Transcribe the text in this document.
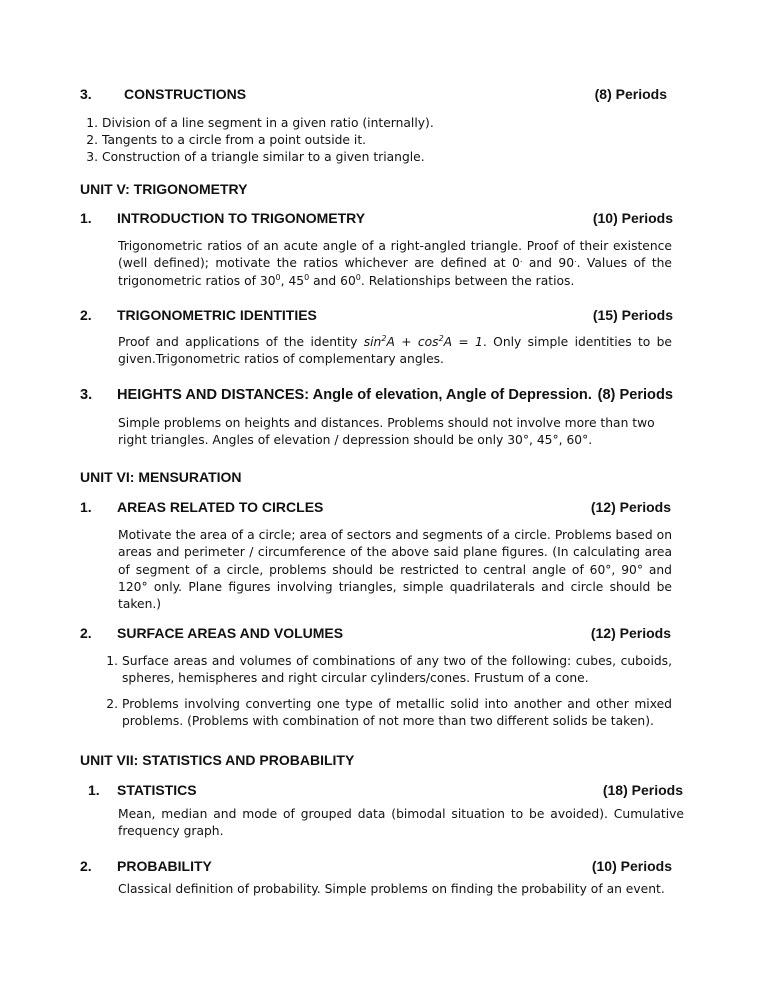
3.	CONSTRUCTIONS	(8) Periods
1. Division of a line segment in a given ratio (internally).
2. Tangents to a circle from a point outside it.
3. Construction of a triangle similar to a given triangle.
UNIT V: TRIGONOMETRY
1.	INTRODUCTION TO TRIGONOMETRY	(10) Periods
Trigonometric ratios of an acute angle of a right-angled triangle. Proof of their existence (well defined); motivate the ratios whichever are defined at 0. and 90.. Values of the trigonometric ratios of $30^0$, $45^0$ and $60^0$. Relationships between the ratios.
2.	TRIGONOMETRIC IDENTITIES	(15) Periods
Proof and applications of the identity $\sin^2A + \cos^2A = 1$. Only simple identities to be given.Trigonometric ratios of complementary angles.
3.	HEIGHTS AND DISTANCES: Angle of elevation, Angle of Depression. (8) Periods
Simple problems on heights and distances. Problems should not involve more than two right triangles. Angles of elevation / depression should be only 30°, 45°, 60°.
UNIT VI: MENSURATION
1.	AREAS RELATED TO CIRCLES	(12) Periods
Motivate the area of a circle; area of sectors and segments of a circle. Problems based on areas and perimeter / circumference of the above said plane figures. (In calculating area of segment of a circle, problems should be restricted to central angle of 60°, 90° and 120° only. Plane figures involving triangles, simple quadrilaterals and circle should be taken.)
2.	SURFACE AREAS AND VOLUMES	(12) Periods
1. Surface areas and volumes of combinations of any two of the following: cubes, cuboids, spheres, hemispheres and right circular cylinders/cones. Frustum of a cone.
2. Problems involving converting one type of metallic solid into another and other mixed problems. (Problems with combination of not more than two different solids be taken).
UNIT VII: STATISTICS AND PROBABILITY
1.	STATISTICS	(18) Periods
Mean, median and mode of grouped data (bimodal situation to be avoided). Cumulative frequency graph.
2.	PROBABILITY	(10) Periods
Classical definition of probability. Simple problems on finding the probability of an event.
